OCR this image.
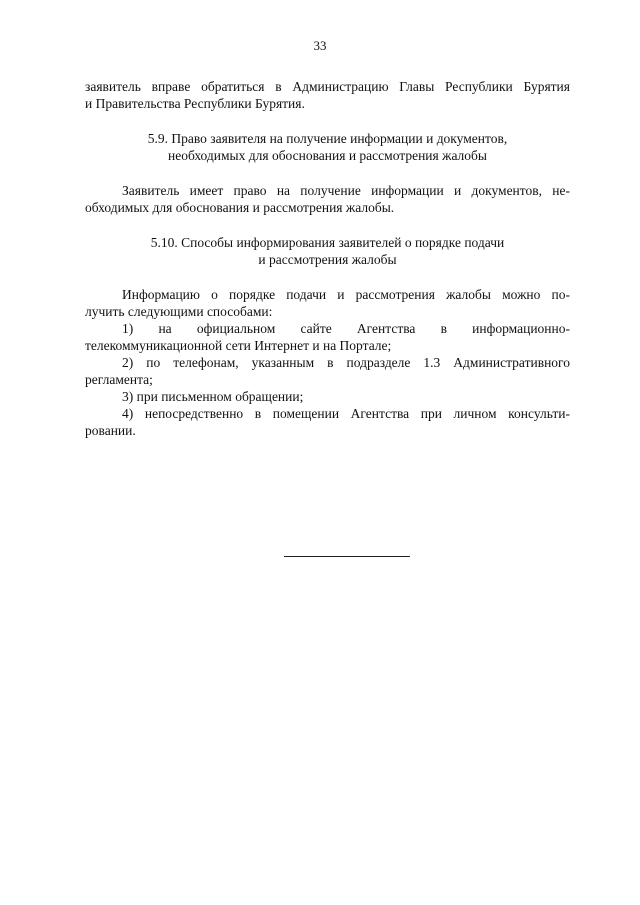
33
заявитель вправе обратиться в Администрацию Главы Республики Бурятия
и Правительства Республики Бурятия.
5.9. Право заявителя на получение информации и документов,
необходимых для обоснования и рассмотрения жалобы
Заявитель имеет право на получение информации и документов, не-
обходимых для обоснования и рассмотрения жалобы.
5.10. Способы информирования заявителей о порядке подачи
и рассмотрения жалобы
Информацию о порядке подачи и рассмотрения жалобы можно по-
лучить следующими способами:
1) на официальном сайте Агентства в информационно-
телекоммуникационной сети Интернет и на Портале;
2) по телефонам, указанным в подразделе 1.3 Административного
регламента;
3) при письменном обращении;
4) непосредственно в помещении Агентства при личном консульти-
ровании.
